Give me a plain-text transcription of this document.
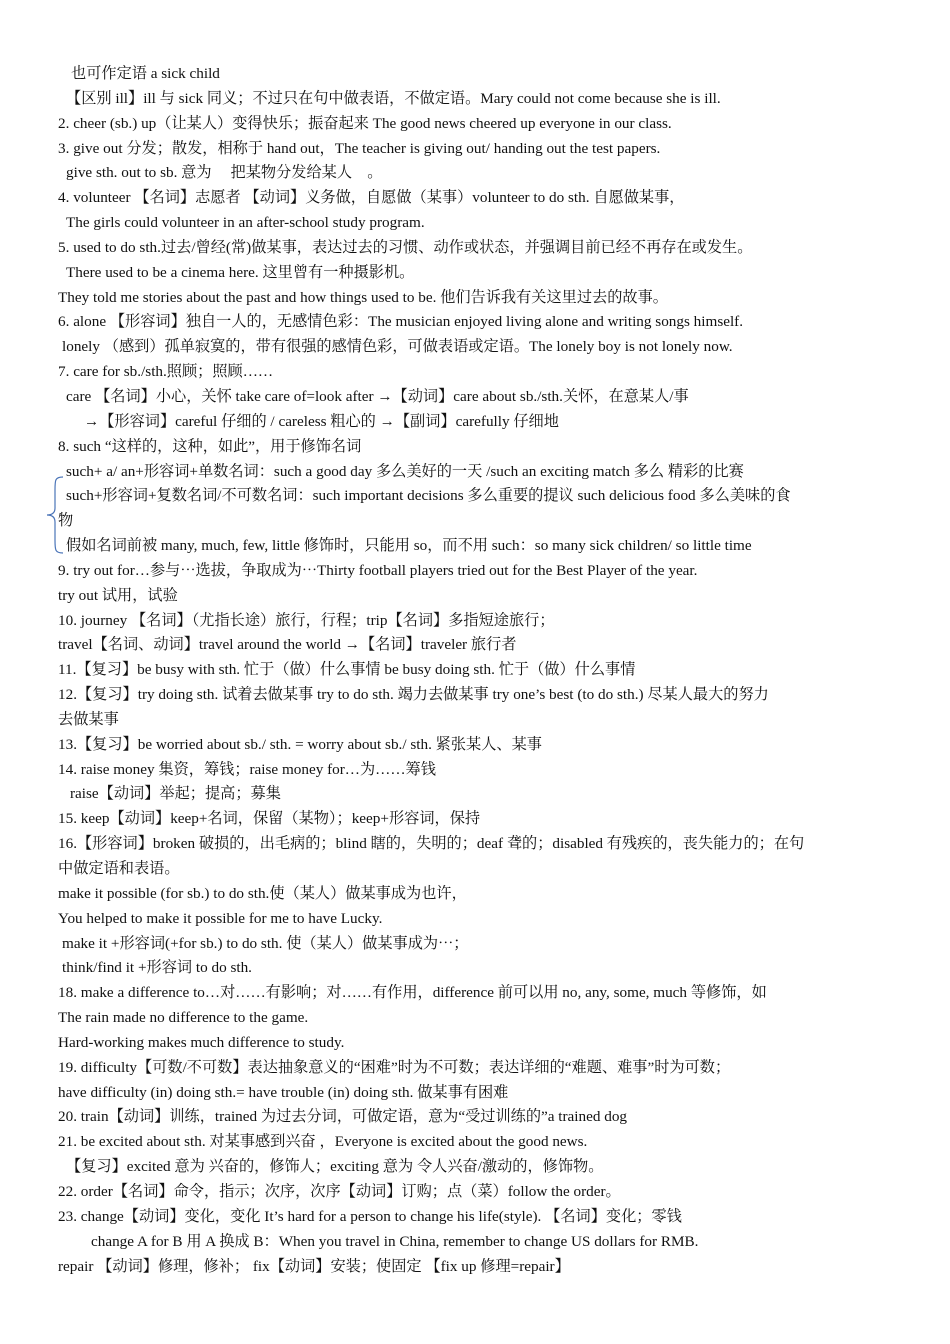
也可作定语 a sick child
【区别 ill】ill 与 sick 同义；不过只在句中做表语，不做定语。Mary could not come because she is ill.
2. cheer (sb.) up（让某人）变得快乐；振奋起来 The good news cheered up everyone in our class.
3. give out 分发；散发，相称于 hand out，The teacher is giving out/ handing out the test papers.
give sth. out to sb. 意为　 把某物分发给某人　。
4. volunteer 【名词】志愿者 【动词】义务做，自愿做（某事）volunteer to do sth. 自愿做某事，
The girls could volunteer in an after-school study program.
5. used to do sth.过去/曾经(常)做某事，表达过去的习惯、动作或状态，并强调目前已经不再存在或发生。
There used to be a cinema here. 这里曾有一种摄影机。
They told me stories about the past and how things used to be. 他们告诉我有关这里过去的故事。
6. alone 【形容词】独自一人的，无感情色彩：The musician enjoyed living alone and writing songs himself.
lonely （感到）孤单寂寞的，带有很强的感情色彩，可做表语或定语。The lonely boy is not lonely now.
7. care for sb./sth.照顾；照顾……
care 【名词】小心，关怀 take care of=look after →【动词】care about sb./sth.关怀，在意某人/事
→【形容词】careful 仔细的 / careless 粗心的 →【副词】carefully 仔细地
8. such “这样的，这种，如此”，用于修饰名词
such+ a/ an+形容词+单数名词：such a good day 多么美好的一天 /such an exciting match 多么 精彩的比赛
such+形容词+复数名词/不可数名词：such important decisions 多么重要的提议 such delicious food 多么美味的食
物
假如名词前被 many, much, few, little 修饰时，只能用 so，而不用 such：so many sick children/ so little time
9. try out for…参与⋯选拔，争取成为⋯Thirty football players tried out for the Best Player of the year.
try out 试用，试验
10. journey 【名词】（尤指长途）旅行，行程；trip【名词】多指短途旅行；
travel【名词、动词】travel around the world →【名词】traveler 旅行者
11.【复习】be busy with sth. 忙于（做）什么事情 be busy doing sth. 忙于（做）什么事情
12.【复习】try doing sth. 试着去做某事 try to do sth. 竭力去做某事 try one’s best (to do sth.) 尽某人最大的努力
去做某事
13.【复习】be worried about sb./ sth. = worry about sb./ sth. 紧张某人、某事
14. raise money 集资，筹钱；raise money for…为……筹钱
raise【动词】举起；提高；募集
15. keep【动词】keep+名词，保留（某物）；keep+形容词，保持
16.【形容词】broken 破损的，出毛病的；blind 瞎的，失明的；deaf 聋的；disabled 有残疾的，丧失能力的；在句
中做定语和表语。
make it possible (for sb.) to do sth.使（某人）做某事成为也许，
You helped to make it possible for me to have Lucky.
make it +形容词(+for sb.) to do sth. 使（某人）做某事成为⋯；
think/find it +形容词 to do sth.
18. make a difference to…对……有影响；对……有作用，difference 前可以用 no, any, some, much 等修饰，如
The rain made no difference to the game.
Hard-working makes much difference to study.
19. difficulty【可数/不可数】表达抽象意义的“困难”时为不可数；表达详细的“难题、难事”时为可数；
have difficulty (in) doing sth.= have trouble (in) doing sth. 做某事有困难
20. train【动词】训练，trained 为过去分词，可做定语，意为“受过训练的”a trained dog
21. be excited about sth. 对某事感到兴奋 ，Everyone is excited about the good news.
【复习】excited 意为 兴奋的，修饰人；exciting 意为 令人兴奋/激动的，修饰物。
22. order【名词】命令，指示；次序，次序【动词】订购；点（菜）follow the order。
23. change【动词】变化，变化 It’s hard for a person to change his life(style). 【名词】变化；零钱
change A for B 用 A 换成 B：When you travel in China, remember to change US dollars for RMB.
repair 【动词】修理，修补； fix【动词】安装；使固定 【fix up 修理=repair】
